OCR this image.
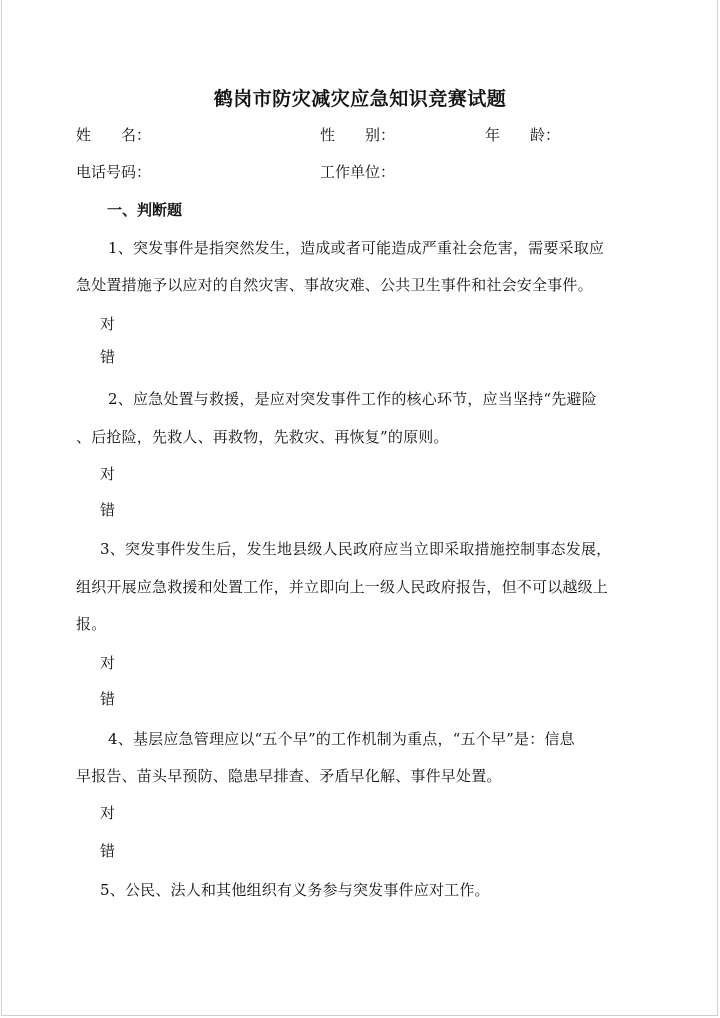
鹤岗市防灾减灾应急知识竞赛试题
姓　　名：	性　　别：	年　　龄：
电话号码：	工作单位：
一、判断题
1、突发事件是指突然发生，造成或者可能造成严重社会危害，需要采取应
急处置措施予以应对的自然灾害、事故灾难、公共卫生事件和社会安全事件。
对
错
2、应急处置与救援，是应对突发事件工作的核心环节，应当坚持“先避险
、后抢险，先救人、再救物，先救灾、再恢复”的原则。
对
错
3、突发事件发生后，发生地县级人民政府应当立即采取措施控制事态发展，
组织开展应急救援和处置工作，并立即向上一级人民政府报告，但不可以越级上
报。
对
错
4、基层应急管理应以“五个早”的工作机制为重点，“五个早”是：信息
早报告、苗头早预防、隐患早排查、矛盾早化解、事件早处置。
对
错
5、公民、法人和其他组织有义务参与突发事件应对工作。
